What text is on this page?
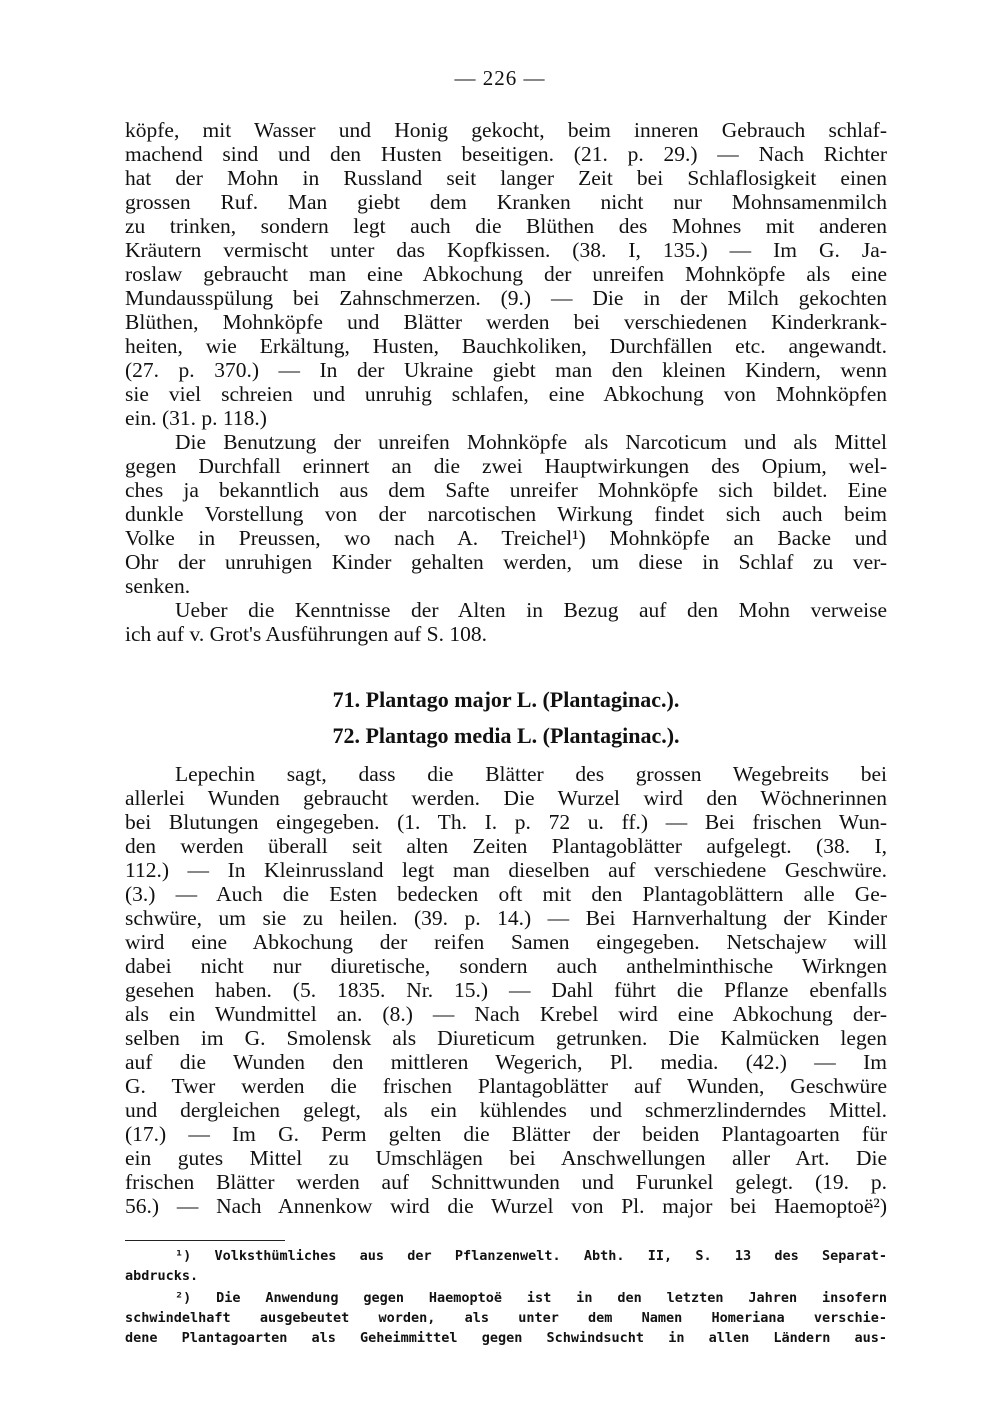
— 226 —
köpfe, mit Wasser und Honig gekocht, beim inneren Gebrauch schlaf-
machend sind und den Husten beseitigen. (21. p. 29.) — Nach Richter
hat der Mohn in Russland seit langer Zeit bei Schlaflosigkeit einen
grossen Ruf. Man giebt dem Kranken nicht nur Mohnsamenmilch
zu trinken, sondern legt auch die Blüthen des Mohnes mit anderen
Kräutern vermischt unter das Kopfkissen. (38. I, 135.) — Im G. Ja-
roslaw gebraucht man eine Abkochung der unreifen Mohnköpfe als eine
Mundausspülung bei Zahnschmerzen. (9.) — Die in der Milch gekochten
Blüthen, Mohnköpfe und Blätter werden bei verschiedenen Kinderkrank-
heiten, wie Erkältung, Husten, Bauchkoliken, Durchfällen etc. angewandt.
(27. p. 370.) — In der Ukraine giebt man den kleinen Kindern, wenn
sie viel schreien und unruhig schlafen, eine Abkochung von Mohnköpfen
ein. (31. p. 118.)
Die Benutzung der unreifen Mohnköpfe als Narcoticum und als Mittel
gegen Durchfall erinnert an die zwei Hauptwirkungen des Opium, wel-
ches ja bekanntlich aus dem Safte unreifer Mohnköpfe sich bildet. Eine
dunkle Vorstellung von der narcotischen Wirkung findet sich auch beim
Volke in Preussen, wo nach A. Treichel¹) Mohnköpfe an Backe und
Ohr der unruhigen Kinder gehalten werden, um diese in Schlaf zu ver-
senken.
Ueber die Kenntnisse der Alten in Bezug auf den Mohn verweise
ich auf v. Grot's Ausführungen auf S. 108.
71. Plantago major L. (Plantaginac.).
72. Plantago media L. (Plantaginac.).
Lepechin sagt, dass die Blätter des grossen Wegebreits bei
allerlei Wunden gebraucht werden. Die Wurzel wird den Wöchnerinnen
bei Blutungen eingegeben. (1. Th. I. p. 72 u. ff.) — Bei frischen Wun-
den werden überall seit alten Zeiten Plantagoblätter aufgelegt. (38. I,
112.) — In Kleinrussland legt man dieselben auf verschiedene Geschwüre.
(3.) — Auch die Esten bedecken oft mit den Plantagoblättern alle Ge-
schwüre, um sie zu heilen. (39. p. 14.) — Bei Harnverhaltung der Kinder
wird eine Abkochung der reifen Samen eingegeben. Netschajew will
dabei nicht nur diuretische, sondern auch anthelminthische Wirkngen
gesehen haben. (5. 1835. Nr. 15.) — Dahl führt die Pflanze ebenfalls
als ein Wundmittel an. (8.) — Nach Krebel wird eine Abkochung der-
selben im G. Smolensk als Diureticum getrunken. Die Kalmücken legen
auf die Wunden den mittleren Wegerich, Pl. media. (42.) — Im
G. Twer werden die frischen Plantagoblätter auf Wunden, Geschwüre
und dergleichen gelegt, als ein kühlendes und schmerzlinderndes Mittel.
(17.) — Im G. Perm gelten die Blätter der beiden Plantagoarten für
ein gutes Mittel zu Umschlägen bei Anschwellungen aller Art. Die
frischen Blätter werden auf Schnittwunden und Furunkel gelegt. (19. p.
56.) — Nach Annenkow wird die Wurzel von Pl. major bei Haemoptoë²)
¹) Volksthümliches aus der Pflanzenwelt. Abth. II, S. 13 des Separat-
abdrucks.
²) Die Anwendung gegen Haemoptoë ist in den letzten Jahren insofern
schwindelhaft ausgebeutet worden, als unter dem Namen Homeriana verschie-
dene Plantagoarten als Geheimmittel gegen Schwindsucht in allen Ländern aus-
